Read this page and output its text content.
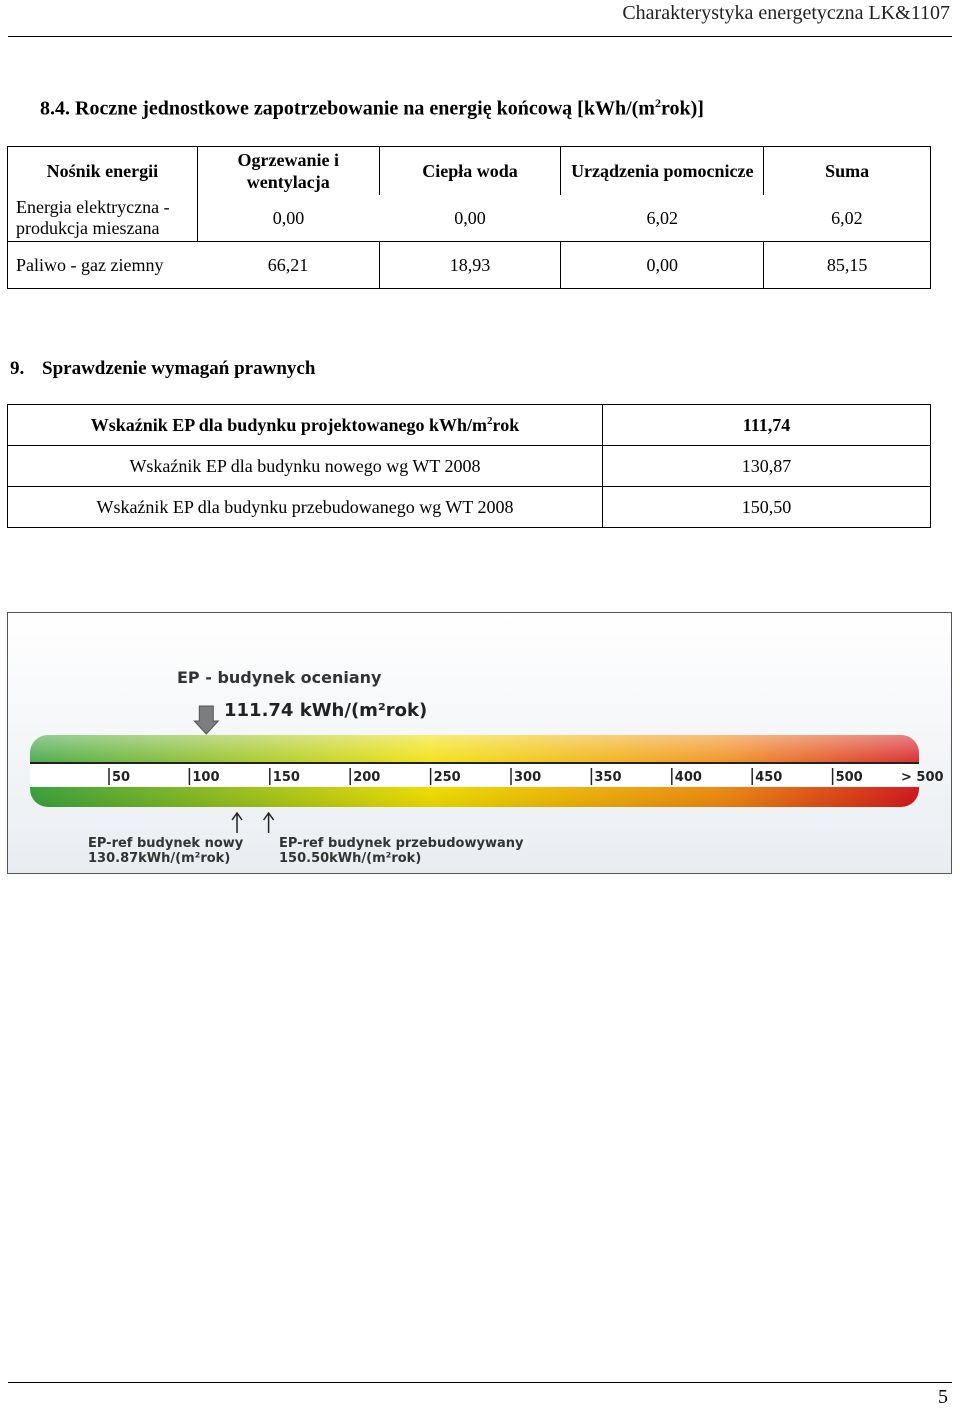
Charakterystyka energetyczna LK&1107
8.4. Roczne jednostkowe zapotrzebowanie na energię końcową $[kWh/(m^2rok)]$
Nośnik energii	Ogrzewanie i wentylacja	Ciepła woda	Urządzenia pomocnicze	Suma
Energia elektryczna - produkcja mieszana	0,00	0,00	6,02	6,02
Paliwo - gaz ziemny	66,21	18,93	0,00	85,15
9. Sprawdzenie wymagań prawnych
Wskaźnik EP dla budynku projektowanego kWh/$m^2rok$	111,74
Wskaźnik EP dla budynku nowego wg WT 2008	130,87
Wskaźnik EP dla budynku przebudowanego wg WT 2008	150,50
EP - budynek oceniany
111.74 kWh/(m²rok)
50	100	150	200	250	300	350	400	450	500	> 500
EP-ref budynek nowy
130.87kWh/(m²rok)
EP-ref budynek przebudowywany
150.50kWh/(m²rok)
5
